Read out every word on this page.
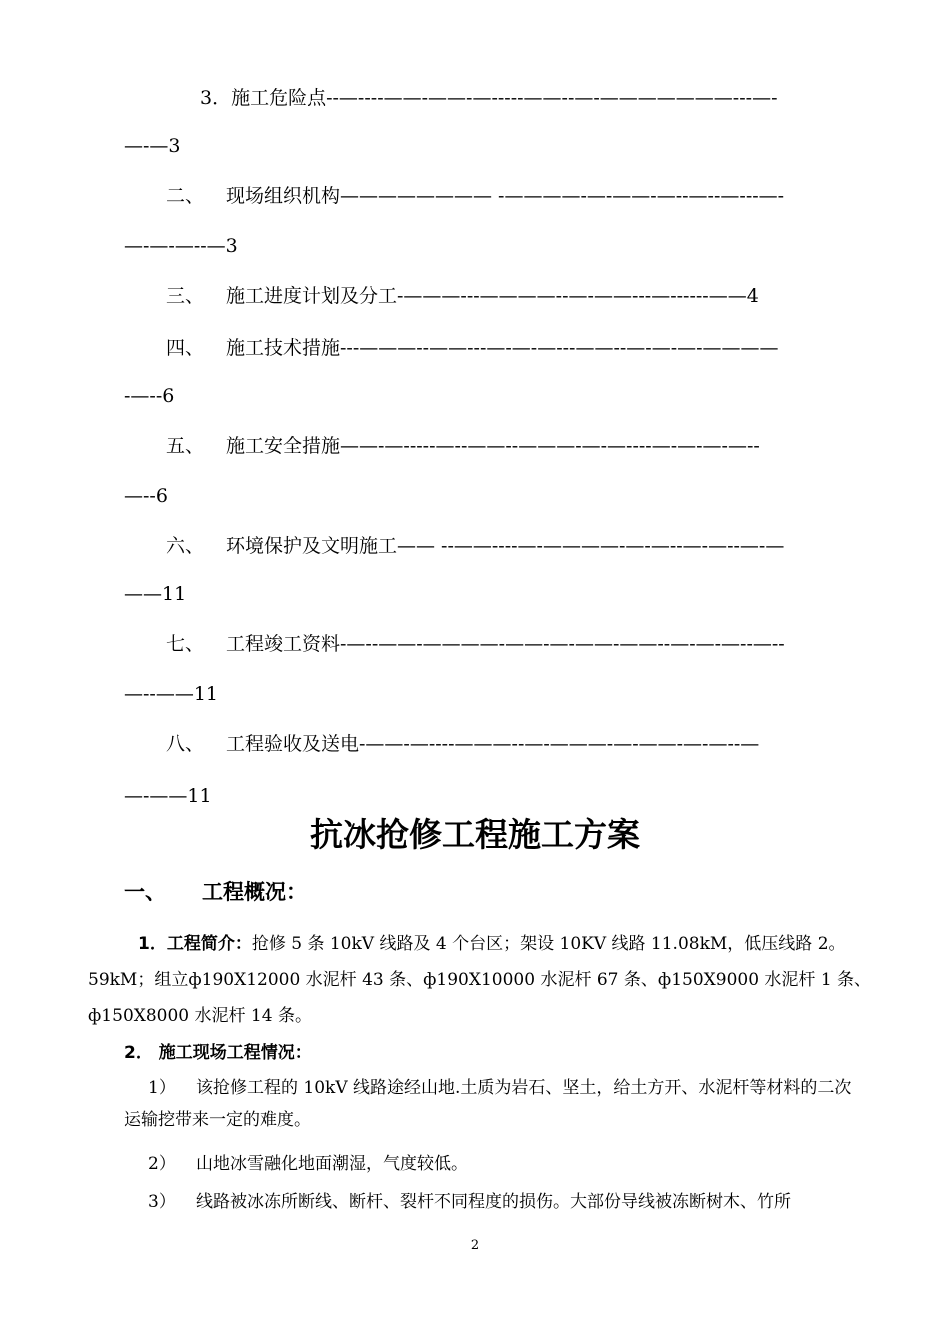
3．施工危险点--—----——-——-—-----——--—-———————---—-
—-—3
二、 现场组织机构———————— -————-—-——-—--—--—---—-
—-—-—--—3
三、 施工进度计划及分工-———---————--—-——---—------——4
四、 施工技术措施---———--——---—-—-—---——--—-—-—-————
-—--6
五、 施工安全措施——-—-----—--——--———-—-—----—-—-—-—--
—--6
六、 环境保护及文明施工—— --——----—-————-—-—--—-—--—-—
——11
七、 工程竣工资料-—--——-————-——-—-——-——--—-—-—--—--
—--——11
八、 工程验收及送电-——-—----———--—-———-—-——-—-—--—
—-——11
抗冰抢修工程施工方案
一、 工程概况：
1．工程简介：抢修 5 条 10kV 线路及 4 个台区；架设 10KV 线路 11.08kM，低压线路 2。
59kM；组立ф190X12000 水泥杆 43 条、ф190X10000 水泥杆 67 条、ф150X9000 水泥杆 1 条、
ф150X8000 水泥杆 14 条。
2． 施工现场工程情况：
1） 该抢修工程的 10kV 线路途经山地.土质为岩石、坚土，给土方开、水泥杆等材料的二次运输挖带来一定的难度。
2） 山地冰雪融化地面潮湿，气度较低。
3） 线路被冰冻所断线、断杆、裂杆不同程度的损伤。大部份导线被冻断树木、竹所
2
